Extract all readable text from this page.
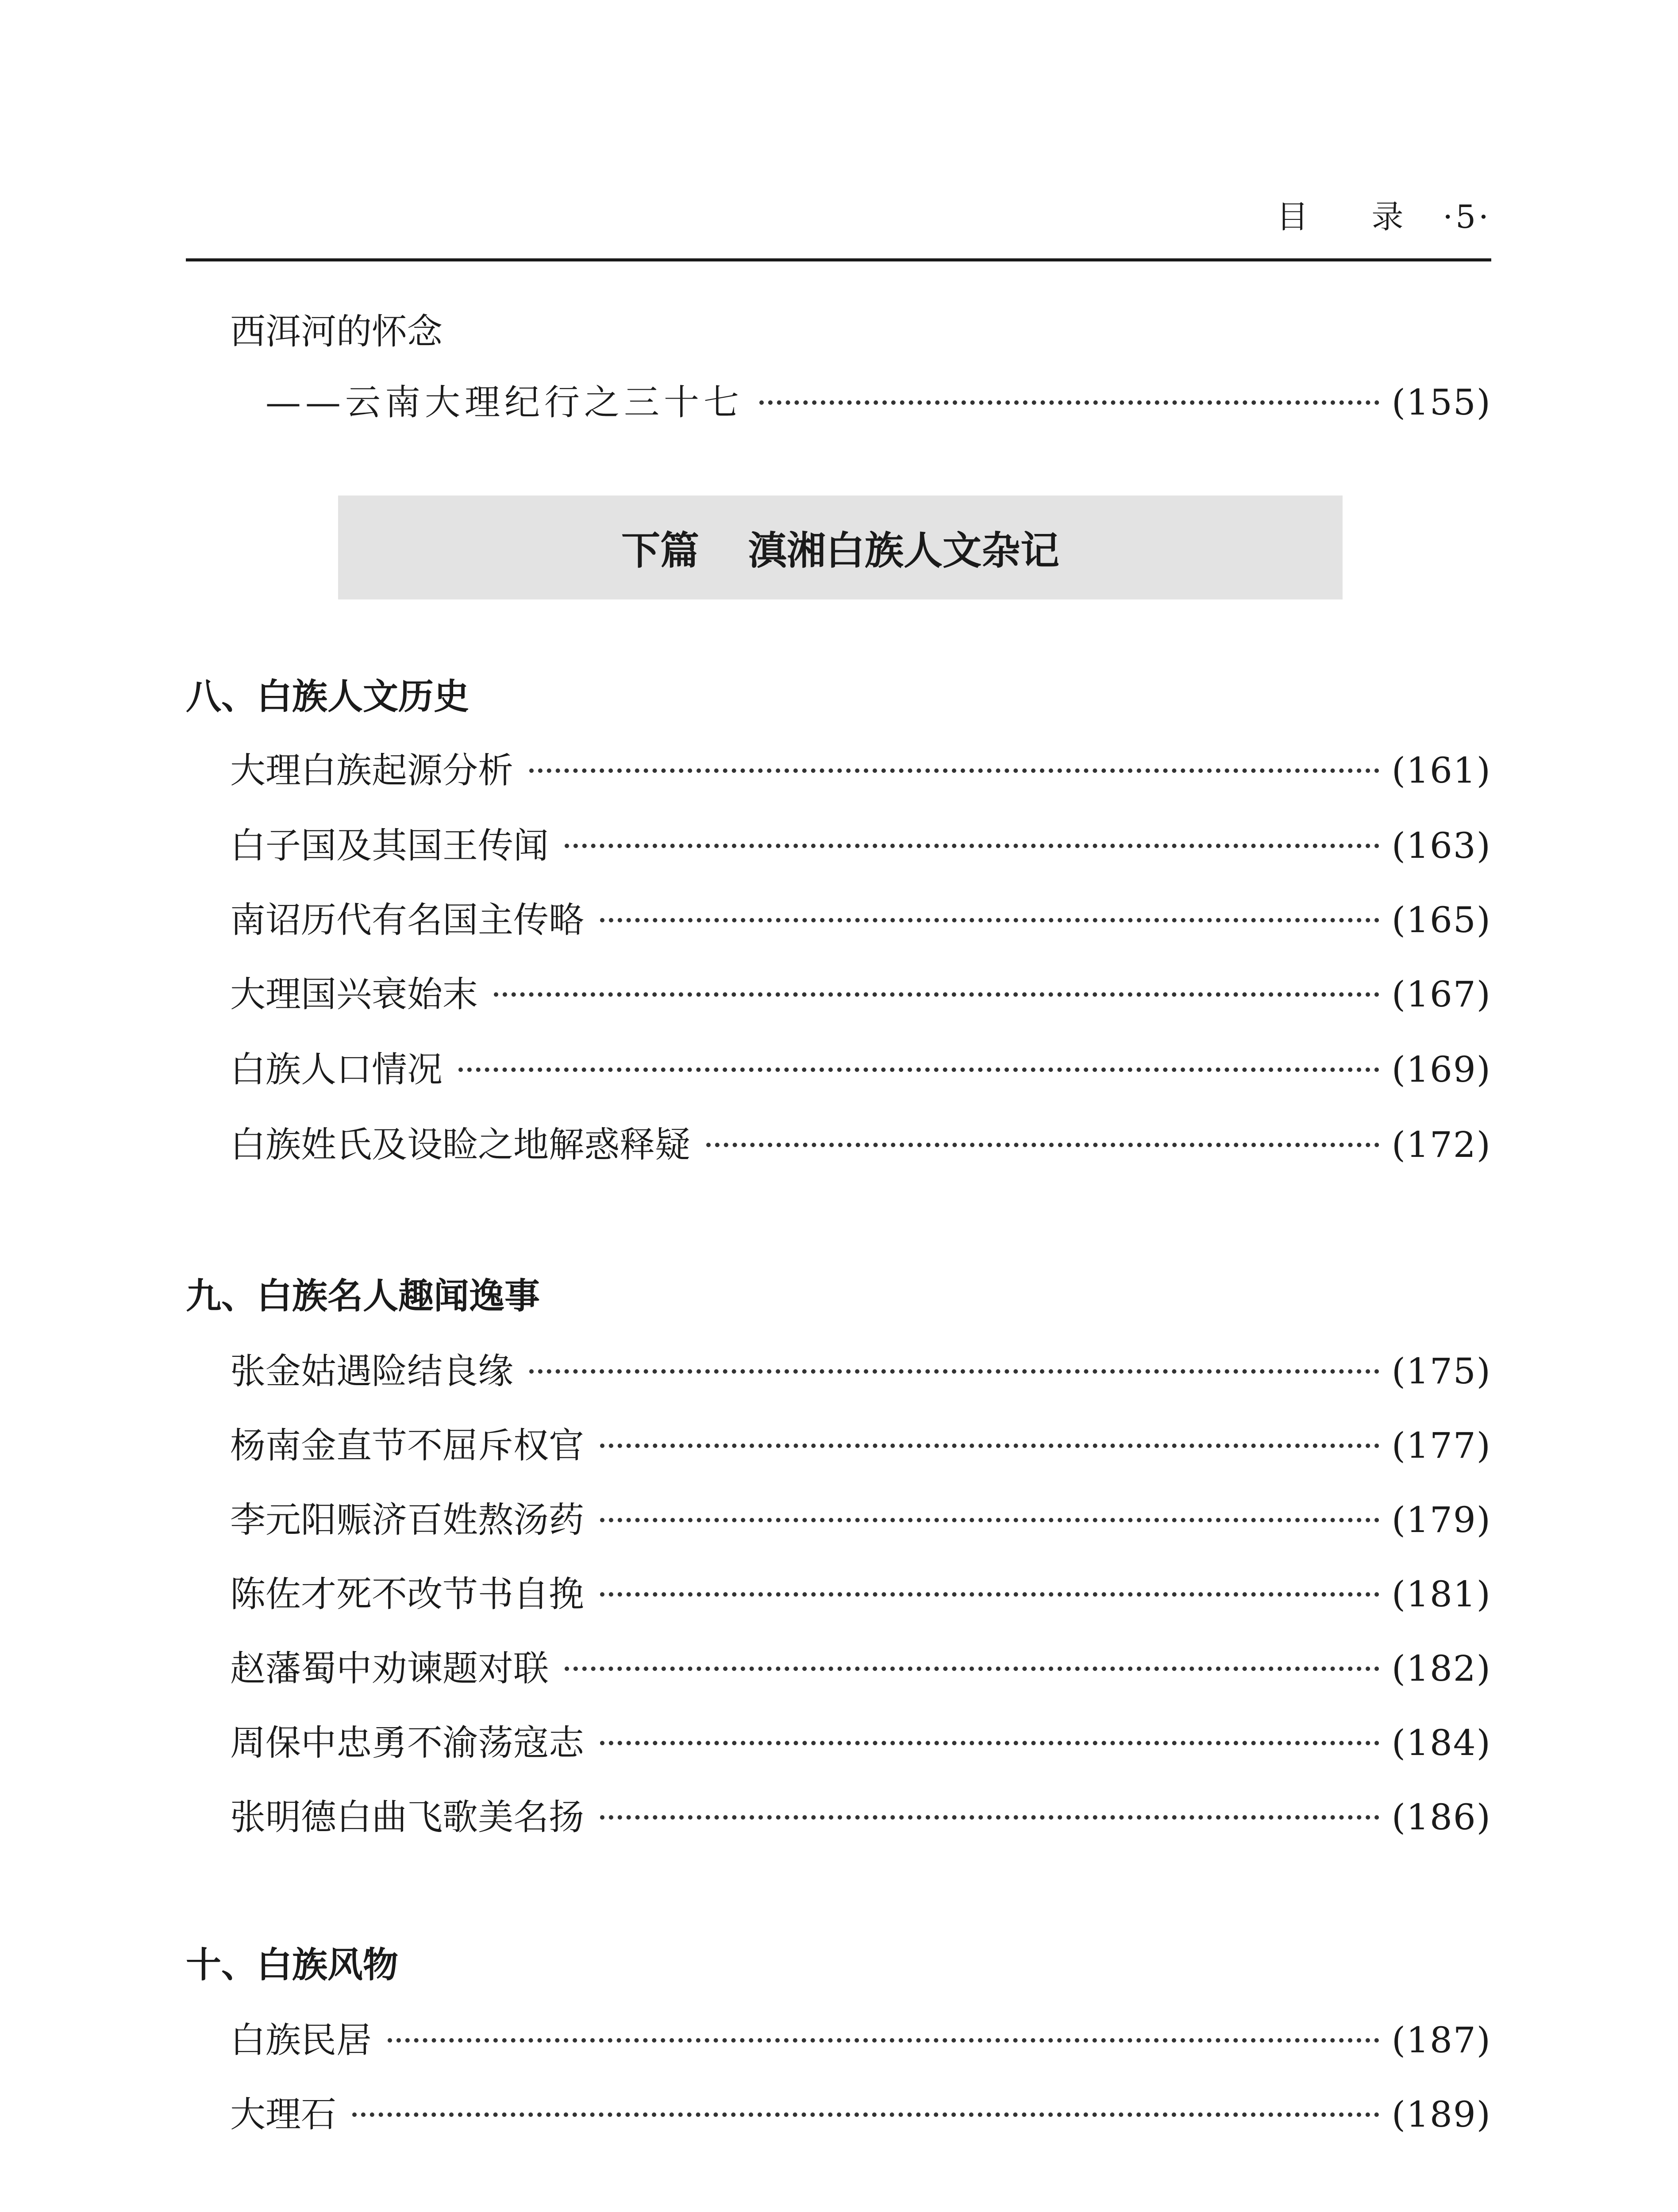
目 录 ·5·
西洱河的怀念
——云南大理纪行之三十七	(155)
下篇 滇湘白族人文杂记
八、白族人文历史
大理白族起源分析	(161)
白子国及其国王传闻	(163)
南诏历代有名国主传略	(165)
大理国兴衰始末	(167)
白族人口情况	(169)
白族姓氏及设睑之地解惑释疑	(172)
九、白族名人趣闻逸事
张金姑遇险结良缘	(175)
杨南金直节不屈斥权官	(177)
李元阳赈济百姓熬汤药	(179)
陈佐才死不改节书自挽	(181)
赵藩蜀中劝谏题对联	(182)
周保中忠勇不渝荡寇志	(184)
张明德白曲飞歌美名扬	(186)
十、白族风物
白族民居	(187)
大理石	(189)
